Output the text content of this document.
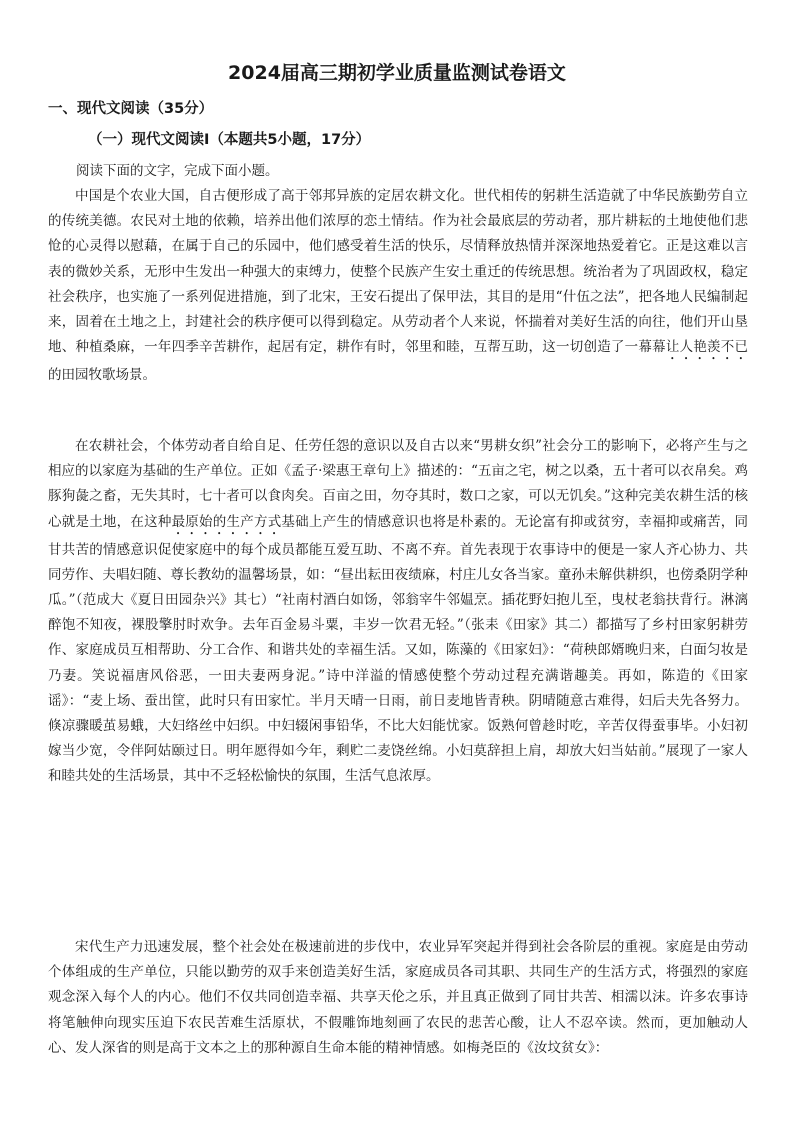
2024届高三期初学业质量监测试卷语文
一、现代文阅读（35分）
（一）现代文阅读Ⅰ（本题共5小题，17分）
阅读下面的文字，完成下面小题。

中国是个农业大国，自古便形成了高于邻邦异族的定居农耕文化。世代相传的躬耕生活造就了中华民族勤劳自立的传统美德。农民对土地的依赖，培养出他们浓厚的恋土情结。作为社会最底层的劳动者，那片耕耘的土地使他们悲怆的心灵得以慰藉，在属于自己的乐园中，他们感受着生活的快乐，尽情释放热情并深深地热爱着它。正是这难以言表的微妙关系，无形中生发出一种强大的束缚力，使整个民族产生安土重迁的传统思想。统治者为了巩固政权，稳定社会秩序，也实施了一系列促进措施，到了北宋，王安石提出了保甲法，其目的是用“什伍之法”，把各地人民编制起来，固着在土地之上，封建社会的秩序便可以得到稳定。从劳动者个人来说，怀揣着对美好生活的向往，他们开山垦地、种植桑麻，一年四季辛苦耕作，起居有定，耕作有时，邻里和睦，互帮互助，这一切创造了一幕幕让人艳羡不已的田园牧歌场景。

在农耕社会，个体劳动者自给自足、任劳任怨的意识以及自古以来“男耕女织”社会分工的影响下，必将产生与之相应的以家庭为基础的生产单位。正如《孟子·梁惠王章句上》描述的：“五亩之宅，树之以桑，五十者可以衣帛矣。鸡豚狗彘之畜，无失其时，七十者可以食肉矣。百亩之田，勿夺其时，数口之家，可以无饥矣。”这种完美农耕生活的核心就是土地，在这种最原始的生产方式基础上产生的情感意识也将是朴素的。无论富有抑或贫穷，幸福抑或痛苦，同甘共苦的情感意识促使家庭中的每个成员都能互爱互助、不离不弃。首先表现于农事诗中的便是一家人齐心协力、共同劳作、夫唱妇随、尊长教幼的温馨场景，如：“昼出耘田夜绩麻，村庄儿女各当家。童孙未解供耕织，也傍桑阴学种瓜。”（范成大《夏日田园杂兴》其七）“社南村酒白如饧，邻翁宰牛邻媪烹。插花野妇抱儿至，曳杖老翁扶背行。淋漓醉饱不知夜，裸股擎肘时欢争。去年百金易斗粟，丰岁一饮君无轻。”（张耒《田家》其二）都描写了乡村田家躬耕劳作、家庭成员互相帮助、分工合作、和谐共处的幸福生活。又如，陈藻的《田家妇》：“荷秧郎婿晚归来，白面匀妆是乃妻。笑说福唐风俗恶，一田夫妻两身泥。”诗中洋溢的情感使整个劳动过程充满谐趣美。再如，陈造的《田家谣》：“麦上场、蚕出筐，此时只有田家忙。半月天晴一日雨，前日麦地皆青秧。阴晴随意古难得，妇后夫先各努力。倏凉骤暖茧易蛾，大妇络丝中妇织。中妇辍闲事铅华，不比大妇能忧家。饭熟何曾趁时吃，辛苦仅得蚕事毕。小妇初嫁当少宽，令伴阿姑颐过日。明年愿得如今年，剩贮二麦饶丝绵。小妇莫辞担上肩，却放大妇当姑前。”展现了一家人和睦共处的生活场景，其中不乏轻松愉快的氛围，生活气息浓厚。

宋代生产力迅速发展，整个社会处在极速前进的步伐中，农业异军突起并得到社会各阶层的重视。家庭是由劳动个体组成的生产单位，只能以勤劳的双手来创造美好生活，家庭成员各司其职、共同生产的生活方式，将强烈的家庭观念深入每个人的内心。他们不仅共同创造幸福、共享天伦之乐，并且真正做到了同甘共苦、相濡以沫。许多农事诗将笔触伸向现实压迫下农民苦难生活原状，不假雕饰地刻画了农民的悲苦心酸，让人不忍卒读。然而，更加触动人心、发人深省的则是高于文本之上的那种源自生命本能的精神情感。如梅尧臣的《汝坟贫女》：
